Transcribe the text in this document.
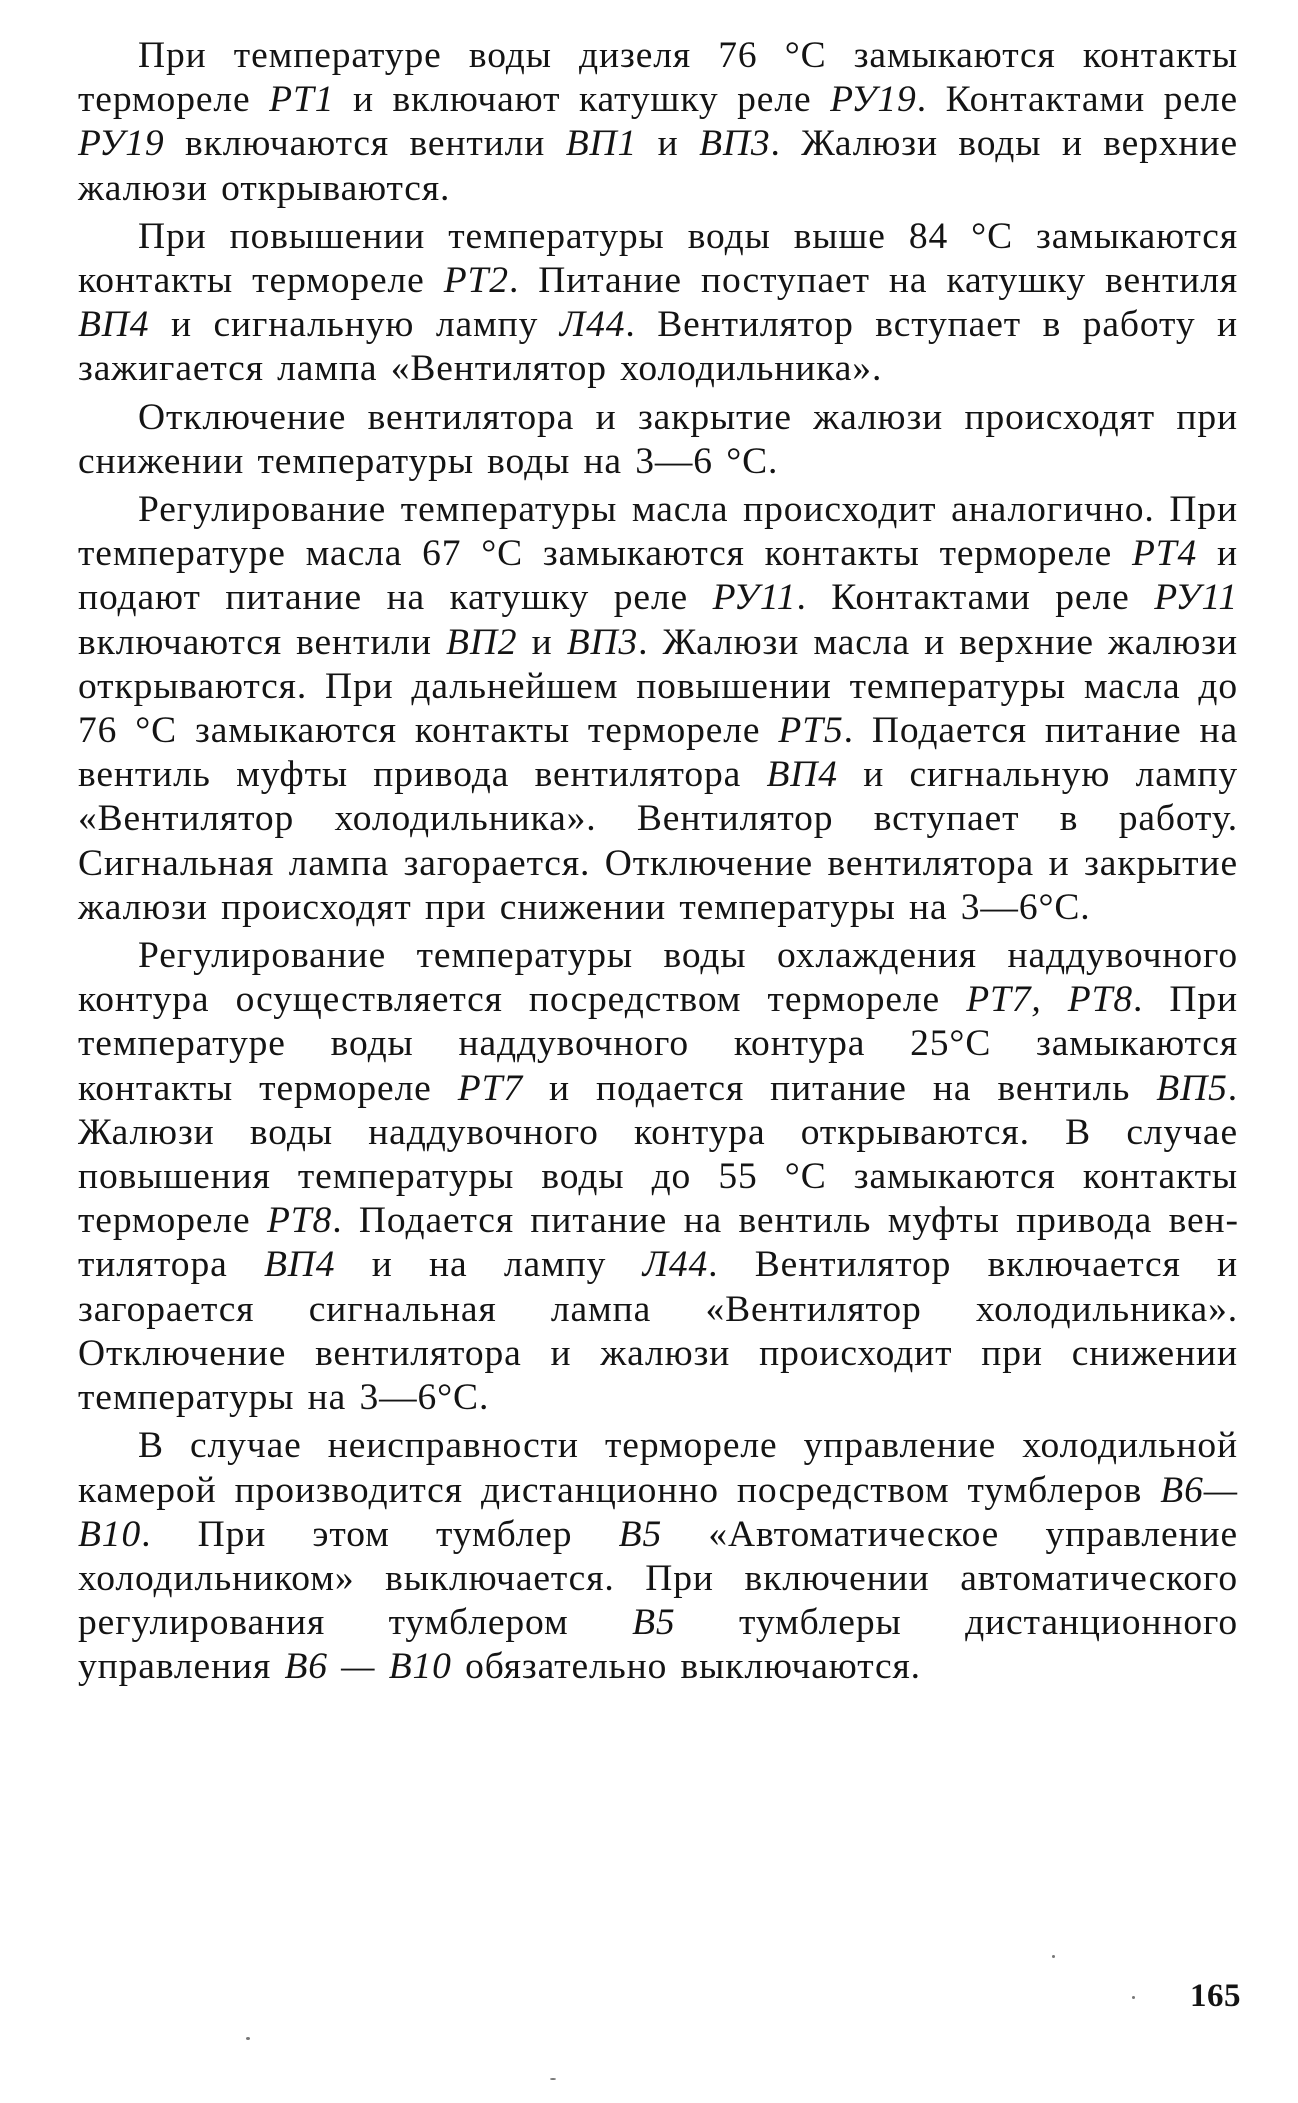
При температуре воды дизеля 76 °С замыкаются контакты термореле РТ1 и включают катушку реле РУ19. Контактами реле РУ19 включаются вентили ВП1 и ВП3. Жалюзи воды и верхние жалюзи открываются.

При повышении температуры воды выше 84 °С замыкаются контакты термореле РТ2. Питание поступает на катушку вентиля ВП4 и сигнальную лампу Л44. Вентилятор вступает в работу и зажигается лампа «Вентилятор холодильника».

Отключение вентилятора и закрытие жалюзи происходят при снижении температуры воды на 3—6 °С.

Регулирование температуры масла происходит аналогично. При температуре масла 67 °С замыкаются контакты термореле РТ4 и подают питание на катушку реле РУ11. Контактами реле РУ11 включаются вентили ВП2 и ВП3. Жалюзи масла и верхние жалюзи открываются. При дальнейшем повышении температуры масла до 76 °С замыкаются контакты термореле РТ5. Подается питание на вентиль муфты привода вентилятора ВП4 и сигнальную лампу «Вентилятор холодильника». Вентилятор вступает в работу. Сигнальная лампа загорается. Отключение вентилятора и закрытие жалюзи происходят при снижении температуры на 3—6°С.

Регулирование температуры воды охлаждения наддувочного контура осуществляется посредством термореле РТ7, РТ8. При температуре воды наддувочного контура 25°С замыкаются контакты термореле РТ7 и подается питание на вентиль ВП5. Жалюзи воды наддувочного контура открываются. В случае повышения температуры воды до 55 °С замыкаются контакты термореле РТ8. Подается питание на вентиль муфты привода вентилятора ВП4 и на лампу Л44. Вентилятор включается и загорается сигнальная лампа «Вентилятор холодильника». Отключение вентилятора и жалюзи происходит при снижении температуры на 3—6°С.

В случае неисправности термореле управление холодильной камерой производится дистанционно посредством тумблеров В6—В10. При этом тумблер В5 «Автоматическое управление холодильником» выключается. При включении автоматического регулирования тумблером В5 тумблеры дистанционного управления В6 — В10 обязательно выключаются.

165
